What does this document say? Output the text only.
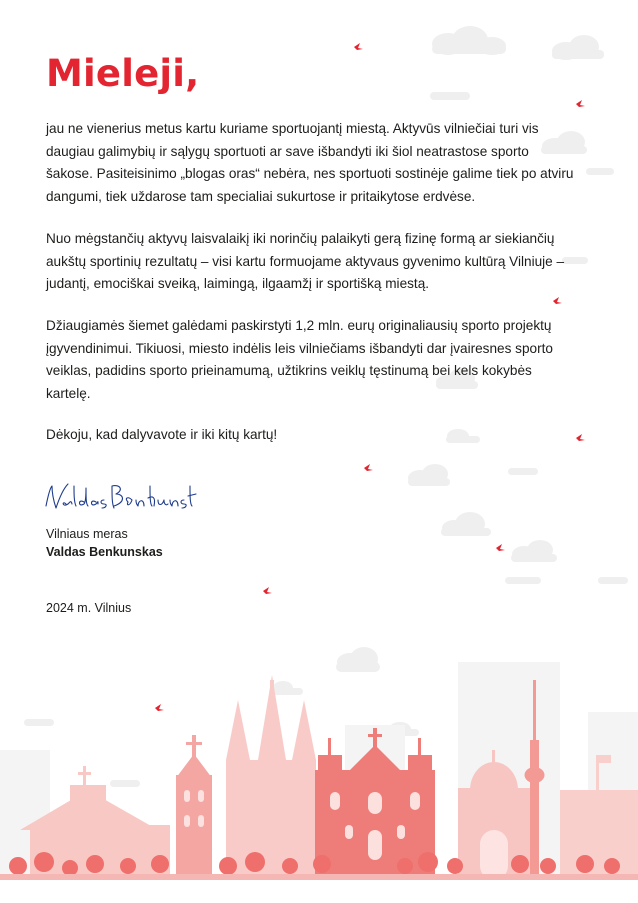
Mieleji,

jau ne vienerius metus kartu kuriame sportuojantį miestą. Aktyvūs vilniečiai turi vis daugiau galimybių ir sąlygų sportuoti ar save išbandyti iki šiol neatrastose sporto šakose. Pasiteisinimo „blogas oras“ nebėra, nes sportuoti sostinėje galime tiek po atviru dangumi, tiek uždarose tam specialiai sukurtose ir pritaikytose erdvėse.

Nuo mėgstančių aktyvų laisvalaikį iki norinčių palaikyti gerą fizinę formą ar siekiančių aukštų sportinių rezultatų – visi kartu formuojame aktyvaus gyvenimo kultūrą Vilniuje – judantį, emociškai sveiką, laimingą, ilgaamžį ir sportišką miestą.

Džiaugiamės šiemet galėdami paskirstyti 1,2 mln. eurų originaliausių sporto projektų įgyvendinimui. Tikiuosi, miesto indėlis leis vilniečiams išbandyti dar įvairesnes sporto veiklas, padidins sporto prieinamumą, užtikrins veiklų tęstinumą bei kels kokybės kartelę.

Dėkoju, kad dalyvavote ir iki kitų kartų!

Vilniaus meras
Valdas Benkunskas
2024 m. Vilnius
